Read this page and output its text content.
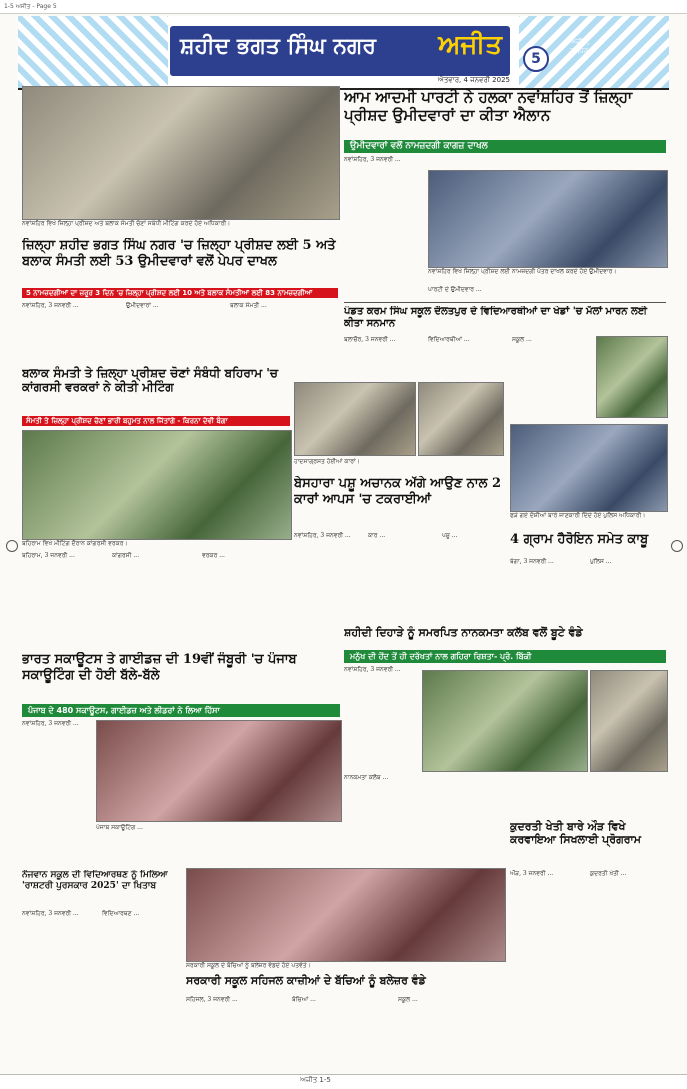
1-5 ਅਜੀਤ - Page 5
ਸ਼ਹੀਦ ਭਗਤ ਸਿੰਘ ਨਗਰ ਅਜੀਤ	ਅਜੀਤ, ਜਲੰਧਰ
ਐਤਵਾਰ, 4 ਜਨਵਰੀ 2025
5
ਨਵਾਂਸ਼ਹਿਰ ਵਿਖੇ ਜ਼ਿਲ੍ਹਾ ਪ੍ਰੀਸ਼ਦ ਅਤੇ ਬਲਾਕ ਸੰਮਤੀ ਚੋਣਾਂ ਸਬੰਧੀ ਮੀਟਿੰਗ ਕਰਦੇ ਹੋਏ ਅਧਿਕਾਰੀ।
ਜ਼ਿਲ੍ਹਾ ਸ਼ਹੀਦ ਭਗਤ ਸਿੰਘ ਨਗਰ 'ਚ ਜ਼ਿਲ੍ਹਾ ਪ੍ਰੀਸ਼ਦ ਲਈ 5 ਅਤੇ ਬਲਾਕ ਸੰਮਤੀ ਲਈ 53 ਉਮੀਦਵਾਰਾਂ ਵਲੋਂ ਪੇਪਰ ਦਾਖਲ
5 ਨਾਮਜ਼ਦਗੀਆਂ ਦਾ ਜ਼ਰੂਰ 3 ਦਿਨ 'ਚ ਜ਼ਿਲ੍ਹਾ ਪ੍ਰੀਸ਼ਦ ਲਈ 10 ਅਤੇ ਬਲਾਕ ਸੰਮਤੀਆਂ ਲਈ 83 ਨਾਮਜ਼ਦਗੀਆਂ
ਨਵਾਂਸ਼ਹਿਰ, 3 ਜਨਵਰੀ ...	ਉਮੀਦਵਾਰਾਂ ...	ਬਲਾਕ ਸੰਮਤੀ ...
ਆਮ ਆਦਮੀ ਪਾਰਟੀ ਨੇ ਹਲਕਾ ਨਵਾਂਸ਼ਹਿਰ ਤੋਂ ਜ਼ਿਲ੍ਹਾ ਪ੍ਰੀਸ਼ਦ ਉਮੀਦਵਾਰਾਂ ਦਾ ਕੀਤਾ ਐਲਾਨ
ਉਮੀਦਵਾਰਾਂ ਵਲੋਂ ਨਾਮਜ਼ਦਗੀ ਕਾਗਜ਼ ਦਾਖਲ
ਨਵਾਂਸ਼ਹਿਰ, 3 ਜਨਵਰੀ ...
ਨਵਾਂਸ਼ਹਿਰ ਵਿਖੇ ਜ਼ਿਲ੍ਹਾ ਪ੍ਰੀਸ਼ਦ ਲਈ ਨਾਮਜ਼ਦਗੀ ਪੱਤਰ ਦਾਖਲ ਕਰਦੇ ਹੋਏ ਉਮੀਦਵਾਰ।
ਪਾਰਟੀ ਦੇ ਉਮੀਦਵਾਰ ...
ਪੰਡਤ ਕਰਮ ਸਿੰਘ ਸਕੂਲ ਦੌਲਤਪੁਰ ਦੇ ਵਿਦਿਆਰਥੀਆਂ ਦਾ ਖੇਡਾਂ 'ਚ ਮੱਲਾਂ ਮਾਰਨ ਲਈ ਕੀਤਾ ਸਨਮਾਨ
ਬਲਾਚੌਰ, 3 ਜਨਵਰੀ ...	ਵਿਦਿਆਰਥੀਆਂ ...	ਸਕੂਲ ...
ਬਲਾਕ ਸੰਮਤੀ ਤੇ ਜ਼ਿਲ੍ਹਾ ਪ੍ਰੀਸ਼ਦ ਚੋਣਾਂ ਸੰਬੰਧੀ ਬਹਿਰਾਮ 'ਚ ਕਾਂਗਰਸੀ ਵਰਕਰਾਂ ਨੇ ਕੀਤੀ ਮੀਟਿੰਗ
ਸੰਮਤੀ ਤੇ ਜ਼ਿਲ੍ਹਾ ਪ੍ਰੀਸ਼ਦ ਚੋਣਾਂ ਭਾਰੀ ਬਹੁਮਤ ਨਾਲ ਜਿੱਤਾਂਗੇ - ਕਿਰਨਾ ਦੇਵੀ ਬੰਗਾ
ਬਹਿਰਾਮ ਵਿਖੇ ਮੀਟਿੰਗ ਦੌਰਾਨ ਕਾਂਗਰਸੀ ਵਰਕਰ।
ਬਹਿਰਾਮ, 3 ਜਨਵਰੀ ...	ਕਾਂਗਰਸੀ ...	ਵਰਕਰ ...
ਹਾਦਸਾਗ੍ਰਸਤ ਹੋਈਆਂ ਕਾਰਾਂ।
ਬੇਸਹਾਰਾ ਪਸ਼ੂ ਅਚਾਨਕ ਅੱਗੇ ਆਉਣ ਨਾਲ 2 ਕਾਰਾਂ ਆਪਸ 'ਚ ਟਕਰਾਈਆਂ
ਨਵਾਂਸ਼ਹਿਰ, 3 ਜਨਵਰੀ ...	ਕਾਰ ...	ਪਸ਼ੂ ...
ਫੜੇ ਗਏ ਦੋਸ਼ੀਆਂ ਬਾਰੇ ਜਾਣਕਾਰੀ ਦਿੰਦੇ ਹੋਏ ਪੁਲਿਸ ਅਧਿਕਾਰੀ।
4 ਗ੍ਰਾਮ ਹੈਰੋਇਨ ਸਮੇਤ ਕਾਬੂ
ਬੰਗਾ, 3 ਜਨਵਰੀ ...	ਪੁਲਿਸ ...
ਸ਼ਹੀਦੀ ਦਿਹਾੜੇ ਨੂੰ ਸਮਰਪਿਤ ਨਾਨਕਮਤਾ ਕਲੱਬ ਵਲੋਂ ਬੂਟੇ ਵੰਡੇ
ਮਨੁੱਖ ਦੀ ਹੋਂਦ ਤੋਂ ਹੀ ਦਰੱਖਤਾਂ ਨਾਲ ਗਹਿਰਾ ਰਿਸ਼ਤਾ- ਪ੍ਰੋ. ਬਿੱਕੀ
ਨਵਾਂਸ਼ਹਿਰ, 3 ਜਨਵਰੀ ...
ਨਾਨਕਮਤਾ ਕਲੱਬ ...
ਭਾਰਤ ਸਕਾਊਟਸ ਤੇ ਗਾਈਡਜ਼ ਦੀ 19ਵੀਂ ਜੰਬੂਰੀ 'ਚ ਪੰਜਾਬ ਸਕਾਊਟਿੰਗ ਦੀ ਹੋਈ ਬੱਲੇ-ਬੱਲੇ
ਪੰਜਾਬ ਦੇ 480 ਸਕਾਊਟਸ, ਗਾਈਡਜ਼ ਅਤੇ ਲੀਡਰਾਂ ਨੇ ਲਿਆ ਹਿੱਸਾ
ਨਵਾਂਸ਼ਹਿਰ, 3 ਜਨਵਰੀ ...
ਪੰਜਾਬ ਸਕਾਊਟਿੰਗ ...
ਨੌਜਵਾਨ ਸਕੂਲ ਦੀ ਵਿਦਿਆਰਥਣ ਨੂੰ ਮਿਲਿਆ 'ਰਾਸ਼ਟਰੀ ਪੁਰਸਕਾਰ 2025' ਦਾ ਖਿਤਾਬ
ਨਵਾਂਸ਼ਹਿਰ, 3 ਜਨਵਰੀ ...	ਵਿਦਿਆਰਥਣ ...
ਸਰਕਾਰੀ ਸਕੂਲ ਦੇ ਬੱਚਿਆਂ ਨੂੰ ਬਲੇਜ਼ਰ ਵੰਡਦੇ ਹੋਏ ਪਤਵੰਤੇ।
ਸਰਕਾਰੀ ਸਕੂਲ ਸਹਿਜਲ ਕਾਜ਼ੀਆਂ ਦੇ ਬੱਚਿਆਂ ਨੂੰ ਬਲੇਜ਼ਰ ਵੰਡੇ
ਸਹਿਜਲ, 3 ਜਨਵਰੀ ...	ਬੱਚਿਆਂ ...	ਸਕੂਲ ...
ਕੁਦਰਤੀ ਖੇਤੀ ਬਾਰੇ ਔੜ ਵਿਖੇ ਕਰਵਾਇਆ ਸਿਖਲਾਈ ਪ੍ਰੋਗਰਾਮ
ਔੜ, 3 ਜਨਵਰੀ ...	ਕੁਦਰਤੀ ਖੇਤੀ ...
ਅਜੀਤ 1-5
